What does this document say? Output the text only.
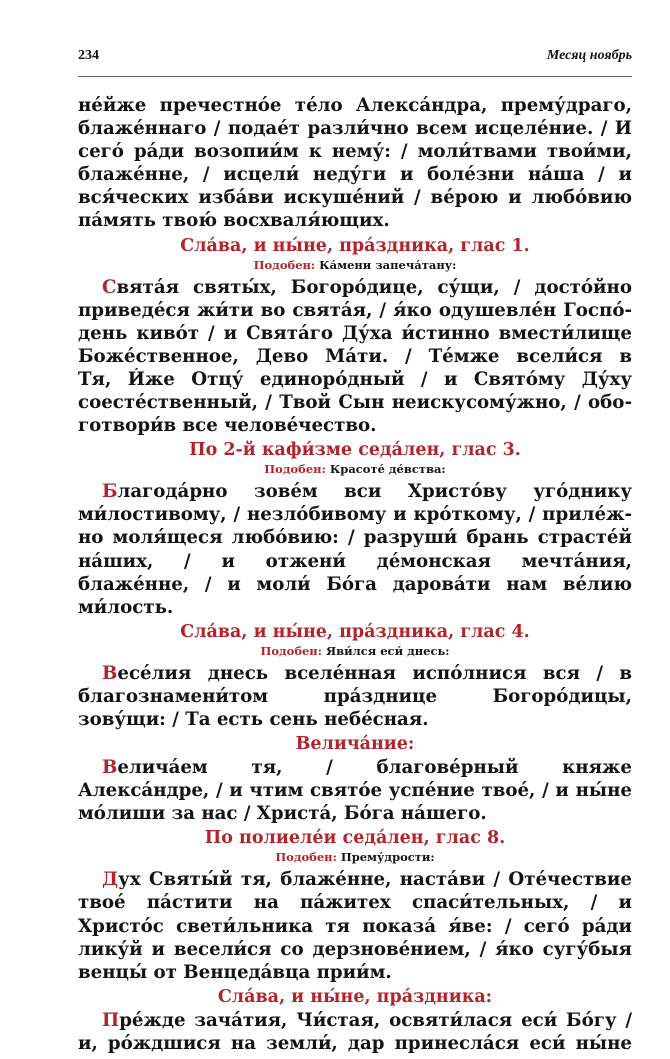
234	Месяц ноябрь
не́йже пречестно́е те́ло Алекса́ндра, прему́драго,
блаже́ннаго / подае́т разли́чно всем исцеле́ние. / И
сего́ ра́ди возопии́м к нему́: / моли́твами твои́ми,
блаже́нне, / исцели́ неду́ги и боле́зни на́ша / и
вся́ческих изба́ви искуше́ний / ве́рою и любо́вию
па́мять твою́ восхваля́ющих.
Сла́ва, и ны́не, пра́здника, глас 1.
Подобен: Ка́мени запеча́тану:
Свята́я святы́х, Богоро́дице, су́щи, / досто́йно
приведе́ся жи́ти во свята́я, / я́ко одушевле́н Госпо́-
день киво́т / и Свята́го Ду́ха и́стинно вмести́лище
Боже́ственное, Дево Ма́ти. / Те́мже всели́ся в
Тя, И́же Отцу́ единоро́дный / и Свято́му Ду́ху
соесте́ственный, / Твой Сын неискусому́жно, / обо-
готвори́в все челове́чество.
По 2-й кафи́зме седа́лен, глас 3.
Подобен: Красоте́ де́вства:
Благода́рно зове́м вси Христо́ву уго́днику
ми́лостивому, / незло́бивому и кро́ткому, / приле́ж-
но моля́щеся любо́вию: / разруши́ брань страсте́й
на́ших, / и отжени́ де́монская мечта́ния,
блаже́нне, / и моли́ Бо́га дарова́ти нам ве́лию
ми́лость.
Сла́ва, и ны́не, пра́здника, глас 4.
Подобен: Яви́лся еси́ днесь:
Весе́лия днесь вселе́нная испо́лнися вся / в
благознамени́том пра́зднице Богоро́дицы,
зову́щи: / Та есть сень небе́сная.
Велича́ние:
Велича́ем тя, / благове́рный княже
Алекса́ндре, / и чтим свято́е успе́ние твое́, / и ны́не
мо́лиши за нас / Христа́, Бо́га на́шего.
По полиеле́и седа́лен, глас 8.
Подобен: Прему́дрости:
Дух Святы́й тя, блаже́нне, наста́ви / Оте́чествие
твое́ па́стити на па́житех спаси́тельных, / и
Христо́с свети́льника тя показа́ я́ве: / сего́ ра́ди
лику́й и весели́ся со дерзнове́нием, / я́ко сугу́быя
венцы́ от Венцеда́вца прии́м.
Сла́ва, и ны́не, пра́здника:
Пре́жде зача́тия, Чи́стая, освяти́лася еси́ Бо́гу /
и, ро́ждшися на земли́, дар принесла́ся еси́ ны́не
